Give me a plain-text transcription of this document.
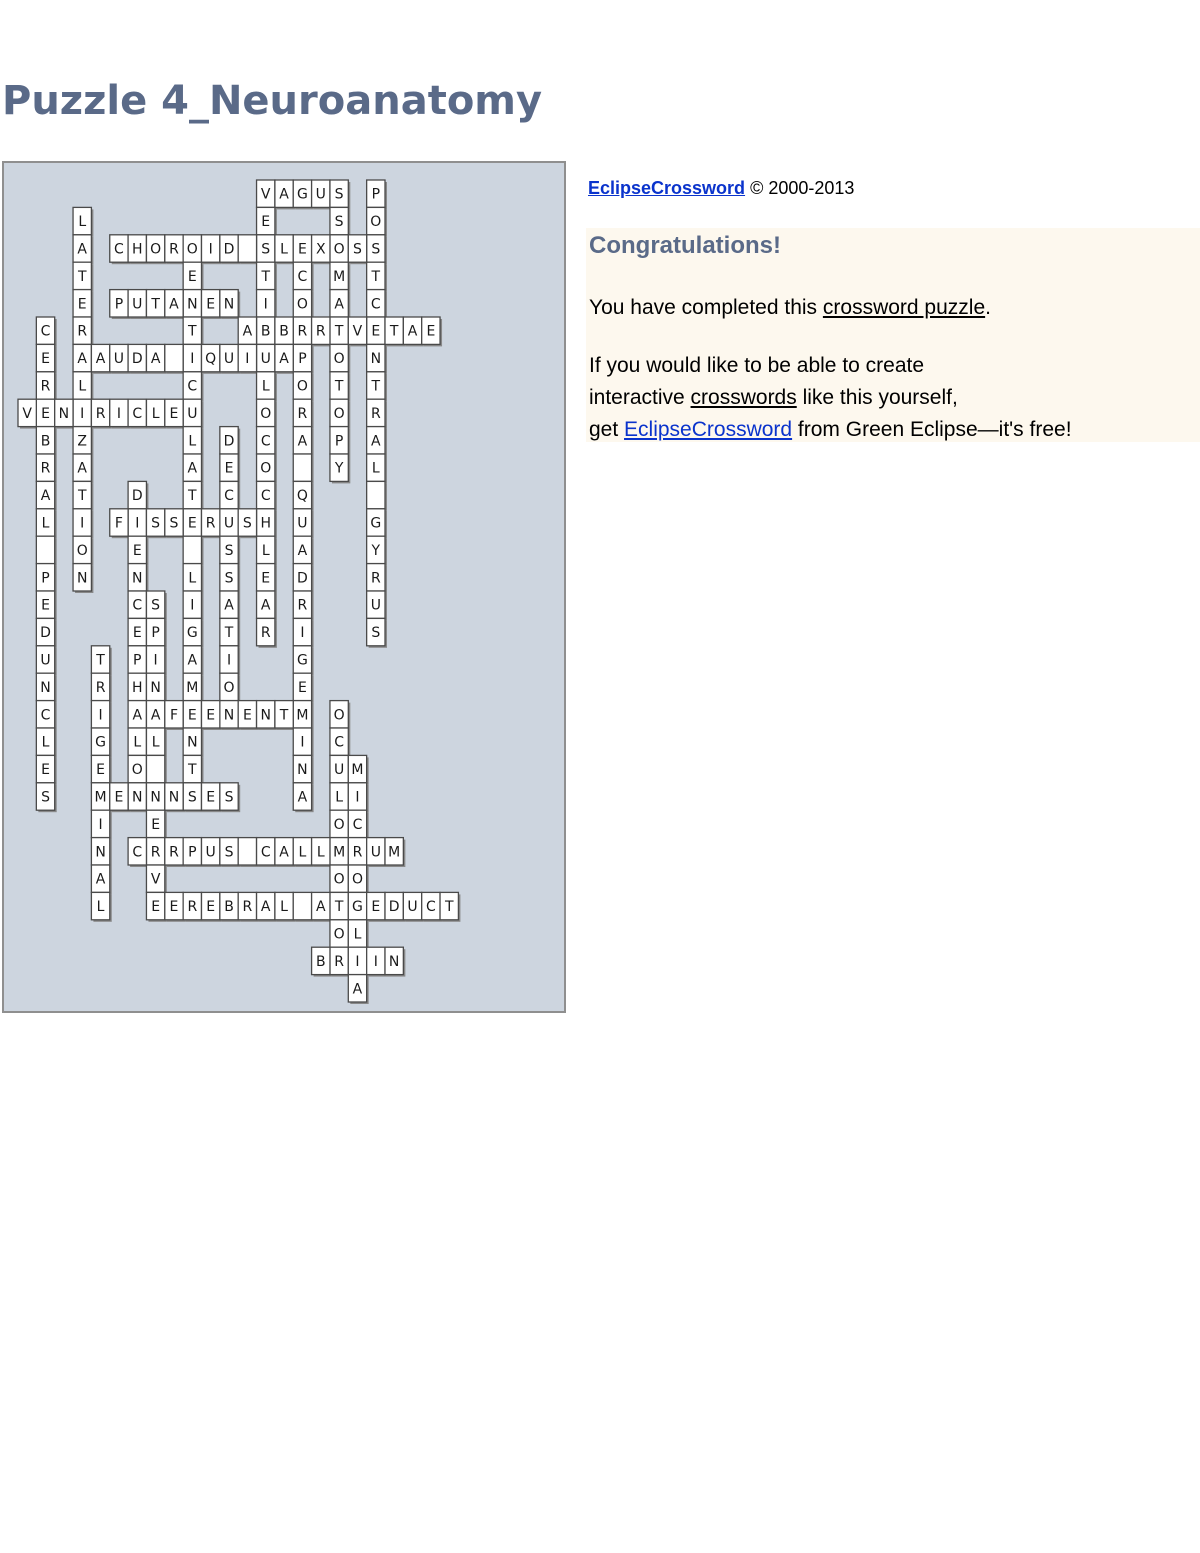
Puzzle 4_Neuroanatomy
V A G U S
E
S
T
I
B
U
L
O
C
O
C
H
L
E
A
R
P
O
S
T
C
E
N
T
R
A
L
G
Y
R
U
S
L
A
T
E
R
A
L
I
Z
A
T
I
O
N
S
O
M
A
T
O
T
O
P
Y
C H O R O I D	L E X S
E
N
T
I
C
U
L
A
T
E
L
I
G
A
M
E
N
T
S
C
O
R
P
O
R
A
Q
U
A
D
R
I
G
E
M
I
N
A
P U T A E N
C
E
R
E
B
R
A
L
P
E
D
U
N
C
L
E
S
A B R V T A E
A U D A	Q U I A
V N R I C L E
D
E
C
U
S
S
A
T
I
O
N
D
I
E
N
C
E
P
H
A
L
O
N
F S S R S
S
P
I
N
A
L
N
E
R
V
E
T
R
I
G
E
M
I
N
A
L
F E E N T	O
C
U
L
O
M
O
T
O
R
M
I
C
R
O
G
L
I
A
E	N E S
C R P U S C A L L	U M
E R E B R A L A	E D U C T
B	I N
EclipseCrossword © 2000-2013
Congratulations!

You have completed this crossword puzzle.

If you would like to be able to create
interactive crosswords like this yourself,
get EclipseCrossword from Green Eclipse—it's free!
